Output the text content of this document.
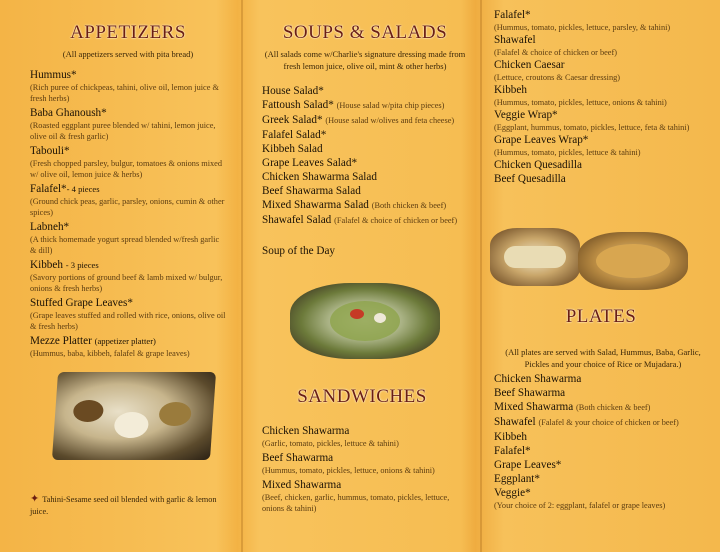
APPETIZERS
(All appetizers served with pita bread)
Hummus*
(Rich puree of chickpeas, tahini, olive oil, lemon juice & fresh herbs)
Baba Ghanoush*
(Roasted eggplant puree blended w/ tahini, lemon juice, olive oil & fresh garlic)
Tabouli*
(Fresh chopped parsley, bulgur, tomatoes & onions mixed w/ olive oil, lemon juice & herbs)
Falafel*- 4 pieces
(Ground chick peas, garlic, parsley, onions, cumin & other spices)
Labneh*
(A thick homemade yogurt spread blended w/fresh garlic & dill)
Kibbeh - 3 pieces
(Savory portions of ground beef & lamb mixed w/ bulgur, onions & fresh herbs)
Stuffed Grape Leaves*
(Grape leaves stuffed and rolled with rice, onions, olive oil & fresh herbs)
Mezze Platter (appetizer platter)
(Hummus, baba, kibbeh, falafel & grape leaves)
✦ Tahini-Sesame seed oil blended with garlic & lemon juice.
SOUPS & SALADS
(All salads come w/Charlie's signature dressing made from fresh lemon juice, olive oil, mint & other herbs)
House Salad*
Fattoush Salad* (House salad w/pita chip pieces)
Greek Salad* (House salad w/olives and feta cheese)
Falafel Salad*
Kibbeh Salad
Grape Leaves Salad*
Chicken Shawarma Salad
Beef Shawarma Salad
Mixed Shawarma Salad (Both chicken & beef)
Shawafel Salad (Falafel & choice of chicken or beef)
Soup of the Day
SANDWICHES
Chicken Shawarma
(Garlic, tomato, pickles, lettuce & tahini)
Beef Shawarma
(Hummus, tomato, pickles, lettuce, onions & tahini)
Mixed Shawarma
(Beef, chicken, garlic, hummus, tomato, pickles, lettuce, onions & tahini)
Falafel*
(Hummus, tomato, pickles, lettuce, parsley, & tahini)
Shawafel
(Falafel & choice of chicken or beef)
Chicken Caesar
(Lettuce, croutons & Caesar dressing)
Kibbeh
(Hummus, tomato, pickles, lettuce, onions & tahini)
Veggie Wrap*
(Eggplant, hummus, tomato, pickles, lettuce, feta & tahini)
Grape Leaves Wrap*
(Hummus, tomato, pickles, lettuce & tahini)
Chicken Quesadilla
Beef Quesadilla
PLATES
(All plates are served with Salad, Hummus, Baba, Garlic, Pickles and your choice of Rice or Mujadara.)
Chicken Shawarma
Beef Shawarma
Mixed Shawarma (Both chicken & beef)
Shawafel (Falafel & your choice of chicken or beef)
Kibbeh
Falafel*
Grape Leaves*
Eggplant*
Veggie*
(Your choice of 2: eggplant, falafel or grape leaves)
